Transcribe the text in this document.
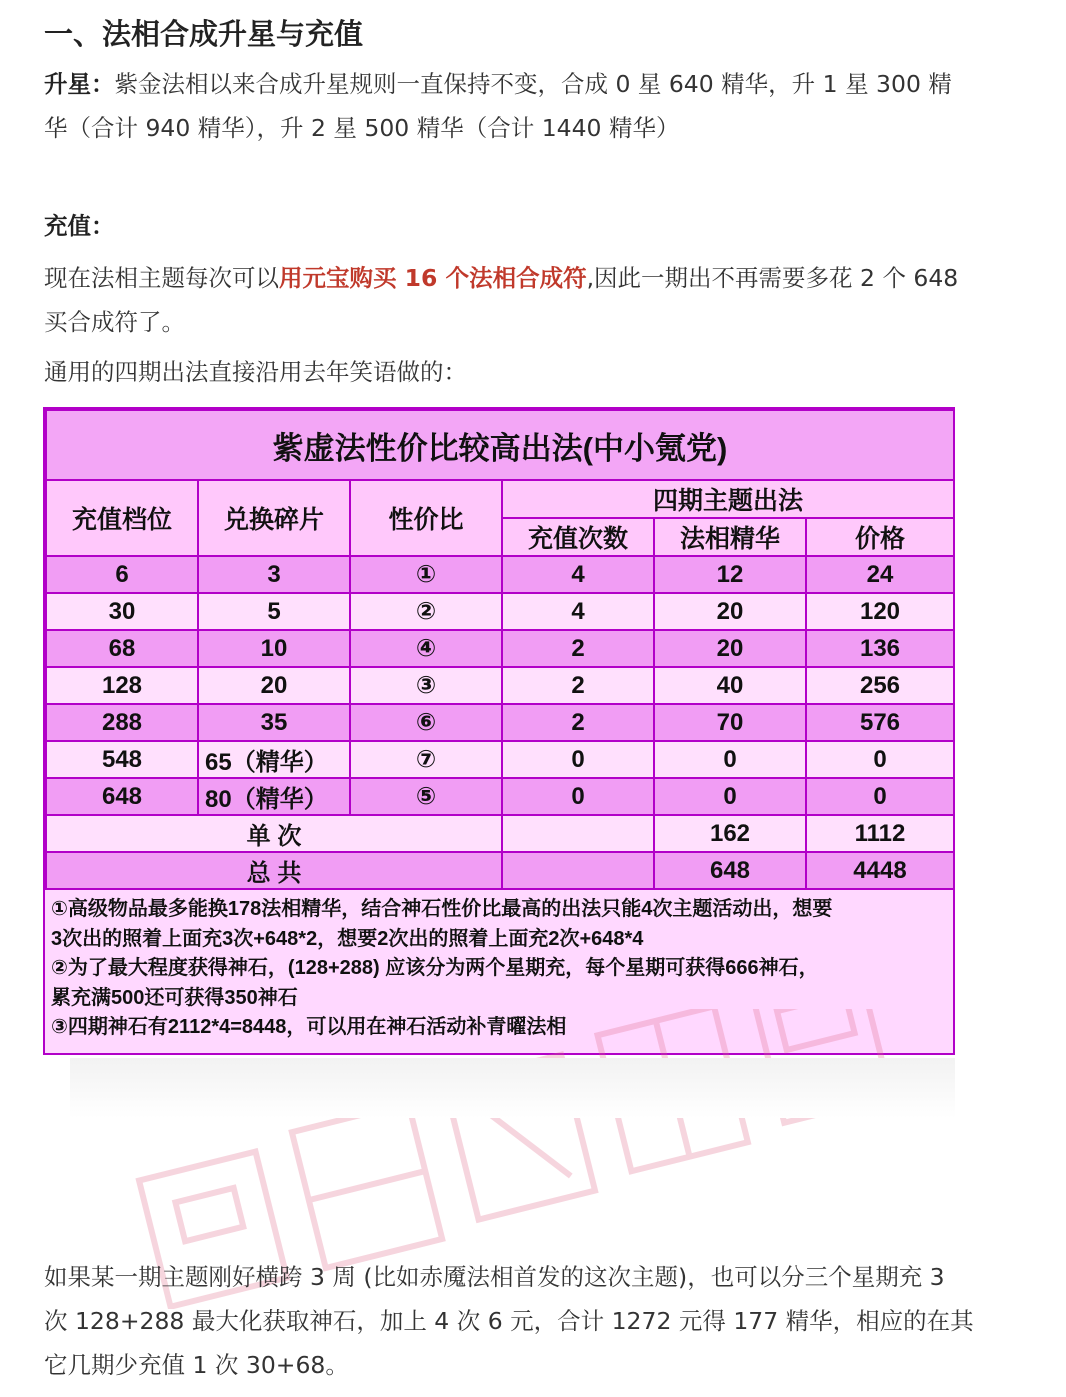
一、法相合成升星与充值
升星：紫金法相以来合成升星规则一直保持不变，合成 0 星 640 精华，升 1 星 300 精
华（合计 940 精华），升 2 星 500 精华（合计 1440 精华）
充值：
现在法相主题每次可以用元宝购买 16 个法相合成符,因此一期出不再需要多花 2 个 648
买合成符了。
通用的四期出法直接沿用去年笑语做的：
紫虚法性价比较高出法(中小氪党)					
充值档位	兑换碎片	性价比	四期主题出法		
			充值次数	法相精华	价格
6	3	①	4	12	24
30	5	②	4	20	120
68	10	④	2	20	136
128	20	③	2	40	256
288	35	⑥	2	70	576
548	65（精华）	⑦	0	0	0
648	80（精华）	⑤	0	0	0
单 次				162	1112
总 共				648	4448
①高级物品最多能换178法相精华，结合神石性价比最高的出法只能4次主题活动出，想要
3次出的照着上面充3次+648*2，想要2次出的照着上面充2次+648*4
②为了最大程度获得神石，(128+288) 应该分为两个星期充，每个星期可获得666神石，
累充满500还可获得350神石
③四期神石有2112*4=8448，可以用在神石活动补青曜法相
如果某一期主题刚好横跨 3 周 (比如赤魇法相首发的这次主题)，也可以分三个星期充 3
次 128+288 最大化获取神石，加上 4 次 6 元，合计 1272 元得 177 精华，相应的在其
它几期少充值 1 次 30+68。
